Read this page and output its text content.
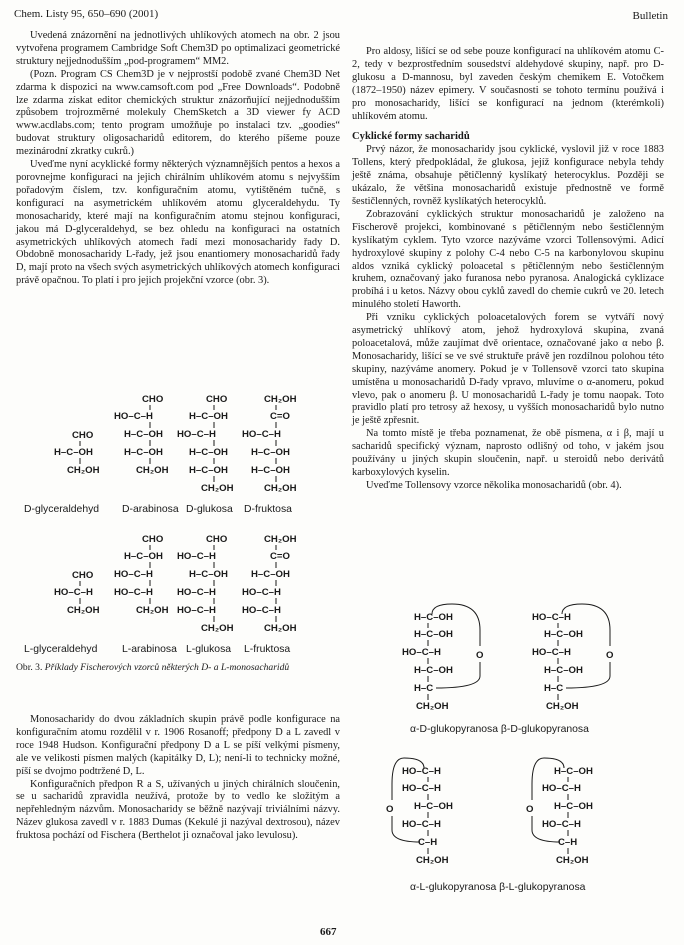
Chem. Listy 95, 650–690 (2001)	Bulletin

Uvedená znázornění na jednotlivých uhlíkových atomech na obr. 2 jsou vytvořena programem Cambridge Soft Chem3D po optimalizaci geometrické struktury nejjednodušším „pod-programem“ MM2.

(Pozn. Program CS Chem3D je v nejprostší podobě zvané Chem3D Net zdarma k dispozici na www.camsoft.com pod „Free Downloads“. Podobně lze zdarma získat editor chemických struktur znázorňující nejjednodušším způsobem trojrozměrné molekuly ChemSketch a 3D viewer fy ACD www.acdlabs.com; tento program umožňuje po instalaci tzv. „goodies“ budovat struktury oligosacharidů editorem, do kterého píšeme pouze mezinárodní zkratky cukrů.)

Uveďme nyní acyklické formy některých významnějších pentos a hexos a porovnejme konfiguraci na jejich chirálním uhlíkovém atomu s nejvyšším pořadovým číslem, tzv. konfiguračním atomu, vytištěném tučně, s konfigurací na asymetrickém uhlíkovém atomu glyceraldehydu. Ty monosacharidy, které mají na konfiguračním atomu stejnou konfiguraci, jakou má D-glyceraldehyd, se bez ohledu na konfiguraci na ostatních asymetrických uhlíkových atomech řadí mezi monosacharidy řady D. Obdobně monosacharidy L-řady, jež jsou enantiomery monosacharidů řady D, mají proto na všech svých asymetrických uhlíkových atomech konfiguraci právě opačnou. To platí i pro jejich projekční vzorce (obr. 3).

CHO
H–C–OH
CH₂OH
CHO
HO–C–H
H–C–OH
H–C–OH
CH₂OH
CHO
H–C–OH
HO–C–H
H–C–OH
H–C–OH
CH₂OH
CH₂OH
C=O
HO–C–H
H–C–OH
H–C–OH
CH₂OH
CHO
HO–C–H
CH₂OH
CHO
H–C–OH
HO–C–H
HO–C–H
CH₂OH
CHO
HO–C–H
H–C–OH
HO–C–H
HO–C–H
CH₂OH
CH₂OH
C=O
H–C–OH
HO–C–H
HO–C–H
CH₂OH
D-glyceraldehyd D-arabinosa D-glukosa D-fruktosa
L-glyceraldehyd L-arabinosa L-glukosa L-fruktosa
Obr. 3. Příklady Fischerových vzorců některých D- a L-monosacharidů

Monosacharidy do dvou základních skupin právě podle konfigurace na konfiguračním atomu rozdělil v r. 1906 Rosanoff; předpony D a L zavedl v roce 1948 Hudson. Konfigurační předpony D a L se píší velkými písmeny, ale ve velikosti písmen malých (kapitálky D, L); není-li to technicky možné, píší se dvojmo podtržené D, L.

Konfiguračních předpon R a S, užívaných u jiných chirálních sloučenin, se u sacharidů zpravidla neužívá, protože by to vedlo ke složitým a nepřehledným názvům. Monosacharidy se běžně nazývají triviálními názvy. Název glukosa zavedl v r. 1883 Dumas (Kekulé ji nazýval dextrosou), název fruktosa pochází od Fischera (Berthelot ji označoval jako levulosu).

Pro aldosy, lišící se od sebe pouze konfigurací na uhlíkovém atomu C-2, tedy v bezprostředním sousedství aldehydové skupiny, např. pro D-glukosu a D-mannosu, byl zaveden českým chemikem E. Votočkem (1872–1950) název epimery. V současnosti se tohoto termínu používá i pro monosacharidy, lišící se konfigurací na jednom (kterémkoli) uhlíkovém atomu.

Cyklické formy sacharidů

Prvý názor, že monosacharidy jsou cyklické, vyslovil již v roce 1883 Tollens, který předpokládal, že glukosa, jejíž konfigurace nebyla tehdy ještě známa, obsahuje pětičlenný kyslíkatý heterocyklus. Později se ukázalo, že většina monosacharidů existuje přednostně ve formě šestičlenných, rovněž kyslíkatých heterocyklů.

Zobrazování cyklických struktur monosacharidů je založeno na Fischerově projekci, kombinované s pětičlenným nebo šestičlenným kyslíkatým cyklem. Tyto vzorce nazýváme vzorci Tollensovými. Adicí hydroxylové skupiny z polohy C-4 nebo C-5 na karbonylovou skupinu aldos vzniká cyklický poloacetal s pětičlenným nebo šestičlenným kruhem, označovaný jako furanosa nebo pyranosa. Analogická cyklizace probíhá i u ketos. Názvy obou cyklů zavedl do chemie cukrů ve 20. letech minulého století Haworth.

Při vzniku cyklických poloacetalových forem se vytváří nový asymetrický uhlíkový atom, jehož hydroxylová skupina, zvaná poloacetalová, může zaujímat dvě orientace, označované jako α nebo β. Monosacharidy, lišící se ve své struktuře právě jen rozdílnou polohou této skupiny, nazýváme anomery. Pokud je v Tollensově vzorci tato skupina umístěna u monosacharidů D-řady vpravo, mluvíme o α-anomeru, pokud vlevo, pak o anomeru β. U monosacharidů L-řady je tomu naopak. Toto pravidlo platí pro tetrosy až hexosy, u vyšších monosacharidů bylo nutno je ještě zpřesnit.

Na tomto místě je třeba poznamenat, že obě písmena, α i β, mají u sacharidů specifický význam, naprosto odlišný od toho, v jakém jsou používány u jiných skupin sloučenin, např. u steroidů nebo derivátů karboxylových kyselin.

Uveďme Tollensovy vzorce několika monosacharidů (obr. 4).

H–C–OH
H–C–OH
HO–C–H
H–C–OH
H–C
CH₂OH
O
HO–C–H
H–C–OH
HO–C–H
H–C–OH
H–C
CH₂OH
O
HO–C–H
HO–C–H
H–C–OH
HO–C–H
C–H
CH₂OH
O
H–C–OH
HO–C–H
H–C–OH
HO–C–H
C–H
CH₂OH
O
α-D-glukopyranosa β-D-glukopyranosa
α-L-glukopyranosa β-L-glukopyranosa
667
